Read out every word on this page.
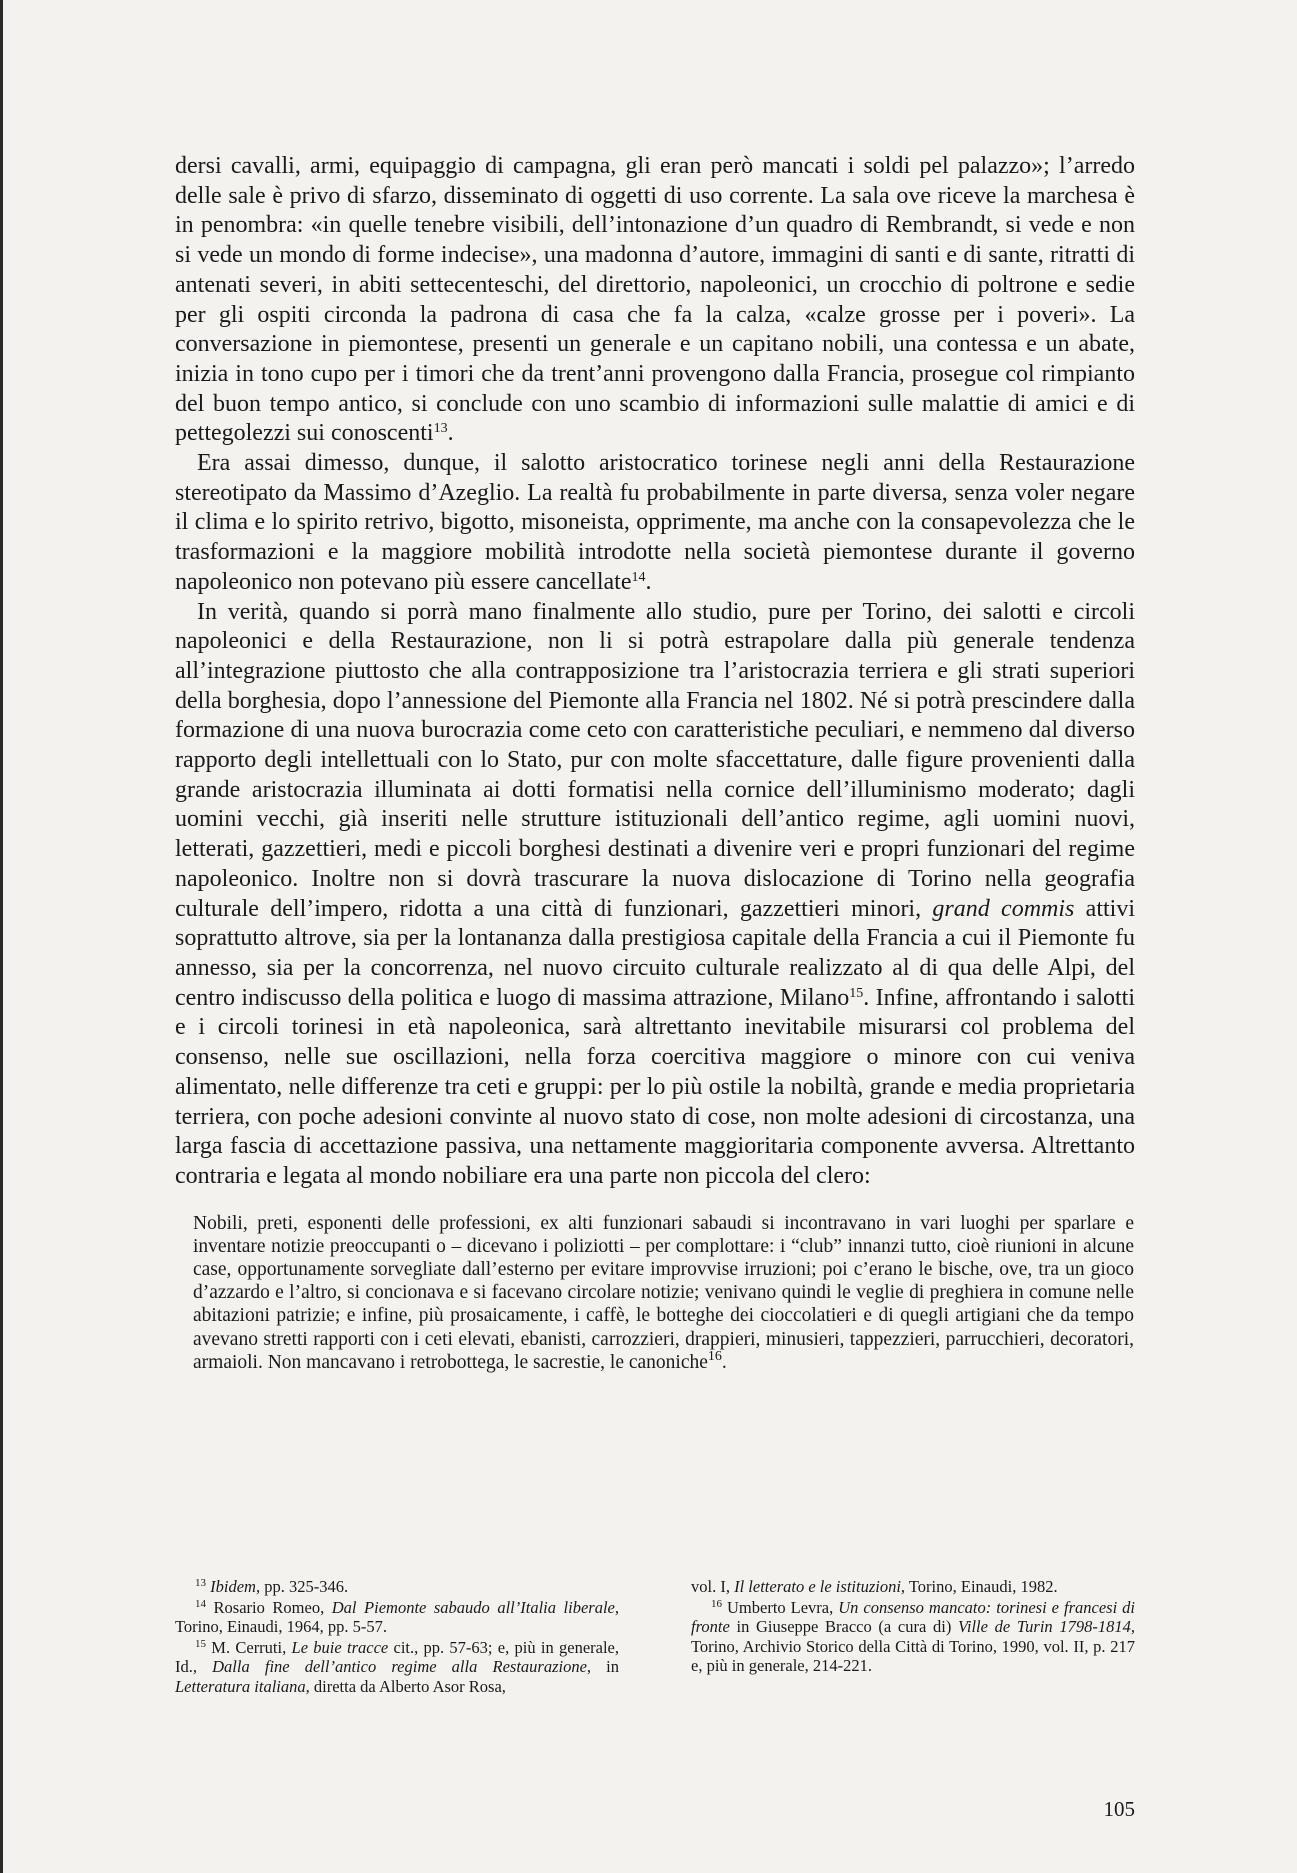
dersi cavalli, armi, equipaggio di campagna, gli eran però mancati i soldi pel palazzo»; l’arredo delle sale è privo di sfarzo, disseminato di oggetti di uso corrente. La sala ove riceve la marchesa è in penombra: «in quelle tenebre visibili, dell’intonazione d’un quadro di Rembrandt, si vede e non si vede un mondo di forme indecise», una madonna d’autore, immagini di santi e di sante, ritratti di antenati severi, in abiti settecenteschi, del direttorio, napoleonici, un crocchio di poltrone e sedie per gli ospiti circonda la padrona di casa che fa la calza, «calze grosse per i poveri». La conversazione in piemontese, presenti un generale e un capitano nobili, una contessa e un abate, inizia in tono cupo per i timori che da trent’anni provengono dalla Francia, prosegue col rimpianto del buon tempo antico, si conclude con uno scambio di informazioni sulle malattie di amici e di pettegolezzi sui conoscenti$^{13}$.

Era assai dimesso, dunque, il salotto aristocratico torinese negli anni della Restaurazione stereotipato da Massimo d’Azeglio. La realtà fu probabilmente in parte diversa, senza voler negare il clima e lo spirito retrivo, bigotto, misoneista, opprimente, ma anche con la consapevolezza che le trasformazioni e la maggiore mobilità introdotte nella società piemontese durante il governo napoleonico non potevano più essere cancellate$^{14}$.

In verità, quando si porrà mano finalmente allo studio, pure per Torino, dei salotti e circoli napoleonici e della Restaurazione, non li si potrà estrapolare dalla più generale tendenza all’integrazione piuttosto che alla contrapposizione tra l’aristocrazia terriera e gli strati superiori della borghesia, dopo l’annessione del Piemonte alla Francia nel 1802. Né si potrà prescindere dalla formazione di una nuova burocrazia come ceto con caratteristiche peculiari, e nemmeno dal diverso rapporto degli intellettuali con lo Stato, pur con molte sfaccettature, dalle figure provenienti dalla grande aristocrazia illuminata ai dotti formatisi nella cornice dell’illuminismo moderato; dagli uomini vecchi, già inseriti nelle strutture istituzionali dell’antico regime, agli uomini nuovi, letterati, gazzettieri, medi e piccoli borghesi destinati a divenire veri e propri funzionari del regime napoleonico. Inoltre non si dovrà trascurare la nuova dislocazione di Torino nella geografia culturale dell’impero, ridotta a una città di funzionari, gazzettieri minori, grand commis attivi soprattutto altrove, sia per la lontananza dalla prestigiosa capitale della Francia a cui il Piemonte fu annesso, sia per la concorrenza, nel nuovo circuito culturale realizzato al di qua delle Alpi, del centro indiscusso della politica e luogo di massima attrazione, Milano$^{15}$. Infine, affrontando i salotti e i circoli torinesi in età napoleonica, sarà altrettanto inevitabile misurarsi col problema del consenso, nelle sue oscillazioni, nella forza coercitiva maggiore o minore con cui veniva alimentato, nelle differenze tra ceti e gruppi: per lo più ostile la nobiltà, grande e media proprietaria terriera, con poche adesioni convinte al nuovo stato di cose, non molte adesioni di circostanza, una larga fascia di accettazione passiva, una nettamente maggioritaria componente avversa. Altrettanto contraria e legata al mondo nobiliare era una parte non piccola del clero:

Nobili, preti, esponenti delle professioni, ex alti funzionari sabaudi si incontravano in vari luoghi per sparlare e inventare notizie preoccupanti o – dicevano i poliziotti – per complottare: i “club” innanzi tutto, cioè riunioni in alcune case, opportunamente sorvegliate dall’esterno per evitare improvvise irruzioni; poi c’erano le bische, ove, tra un gioco d’azzardo e l’altro, si concionava e si facevano circolare notizie; venivano quindi le veglie di preghiera in comune nelle abitazioni patrizie; e infine, più prosaicamente, i caffè, le botteghe dei cioccolatieri e di quegli artigiani che da tempo avevano stretti rapporti con i ceti elevati, ebanisti, carrozzieri, drappieri, minusieri, tappezzieri, parrucchieri, decoratori, armaioli. Non mancavano i retrobottega, le sacrestie, le canoniche$^{16}$.

$^{13}$ Ibidem, pp. 325-346.

$^{14}$ Rosario Romeo, Dal Piemonte sabaudo all’Italia liberale, Torino, Einaudi, 1964, pp. 5-57.

$^{15}$ M. Cerruti, Le buie tracce cit., pp. 57-63; e, più in generale, Id., Dalla fine dell’antico regime alla Restaurazione, in Letteratura italiana, diretta da Alberto Asor Rosa,

vol. I, Il letterato e le istituzioni, Torino, Einaudi, 1982.

$^{16}$ Umberto Levra, Un consenso mancato: torinesi e francesi di fronte in Giuseppe Bracco (a cura di) Ville de Turin 1798-1814, Torino, Archivio Storico della Città di Torino, 1990, vol. II, p. 217 e, più in generale, 214-221.

105
